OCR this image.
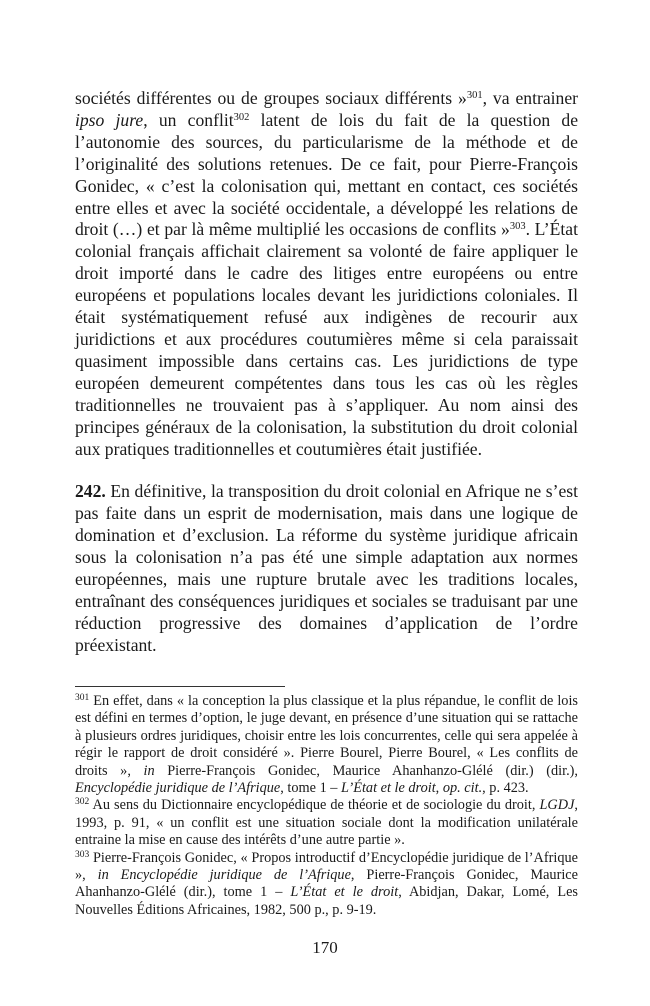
sociétés différentes ou de groupes sociaux différents »$^{301}$, va entrainer ipso jure, un conflit$^{302}$ latent de lois du fait de la question de l’autonomie des sources, du particularisme de la méthode et de l’originalité des solutions retenues. De ce fait, pour Pierre-François Gonidec, « c’est la colonisation qui, mettant en contact, ces sociétés entre elles et avec la société occidentale, a développé les relations de droit (…) et par là même multiplié les occasions de conflits »$^{303}$. L’État colonial français affichait clairement sa volonté de faire appliquer le droit importé dans le cadre des litiges entre européens ou entre européens et populations locales devant les juridictions coloniales. Il était systématiquement refusé aux indigènes de recourir aux juridictions et aux procédures coutumières même si cela paraissait quasiment impossible dans certains cas. Les juridictions de type européen demeurent compétentes dans tous les cas où les règles traditionnelles ne trouvaient pas à s’appliquer. Au nom ainsi des principes généraux de la colonisation, la substitution du droit colonial aux pratiques traditionnelles et coutumières était justifiée.

242. En définitive, la transposition du droit colonial en Afrique ne s’est pas faite dans un esprit de modernisation, mais dans une logique de domination et d’exclusion. La réforme du système juridique africain sous la colonisation n’a pas été une simple adaptation aux normes européennes, mais une rupture brutale avec les traditions locales, entraînant des conséquences juridiques et sociales se traduisant par une réduction progressive des domaines d’application de l’ordre préexistant.

$^{301}$ En effet, dans « la conception la plus classique et la plus répandue, le conflit de lois est défini en termes d’option, le juge devant, en présence d’une situation qui se rattache à plusieurs ordres juridiques, choisir entre les lois concurrentes, celle qui sera appelée à régir le rapport de droit considéré ». Pierre Bourel, Pierre Bourel, « Les conflits de droits », in Pierre-François Gonidec, Maurice Ahanhanzo-Glélé (dir.) (dir.), Encyclopédie juridique de l’Afrique, tome 1 – L’État et le droit, op. cit., p. 423.

$^{302}$ Au sens du Dictionnaire encyclopédique de théorie et de sociologie du droit, LGDJ, 1993, p. 91, « un conflit est une situation sociale dont la modification unilatérale entraine la mise en cause des intérêts d’une autre partie ».

$^{303}$ Pierre-François Gonidec, « Propos introductif d’Encyclopédie juridique de l’Afrique », in Encyclopédie juridique de l’Afrique, Pierre-François Gonidec, Maurice Ahanhanzo-Glélé (dir.), tome 1 – L’État et le droit, Abidjan, Dakar, Lomé, Les Nouvelles Éditions Africaines, 1982, 500 p., p. 9-19.

170
